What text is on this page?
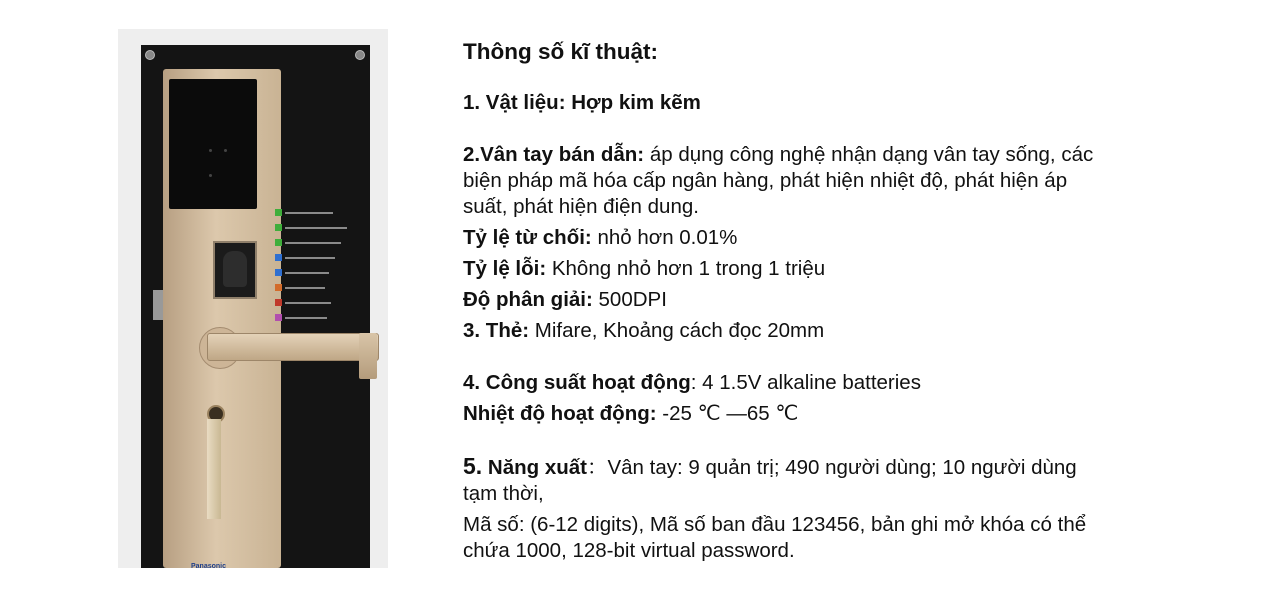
Panasonic
Thông số kĩ thuật:

1. Vật liệu: Hợp kim kẽm

2.Vân tay bán dẫn: áp dụng công nghệ nhận dạng vân tay sống, các biện pháp mã hóa cấp ngân hàng, phát hiện nhiệt độ, phát hiện áp suất, phát hiện điện dung.

Tỷ lệ từ chối: nhỏ hơn 0.01%

Tỷ lệ lỗi: Không nhỏ hơn 1 trong 1 triệu

Độ phân giải: 500DPI

3. Thẻ: Mifare, Khoảng cách đọc 20mm

4. Công suất hoạt động: 4 1.5V alkaline batteries

Nhiệt độ hoạt động: -25 ℃ —65 ℃

5. Năng xuất：Vân tay: 9 quản trị; 490 người dùng; 10 người dùng tạm thời,

Mã số: (6-12 digits), Mã số ban đầu 123456, bản ghi mở khóa có thể chứa 1000, 128-bit virtual password.
